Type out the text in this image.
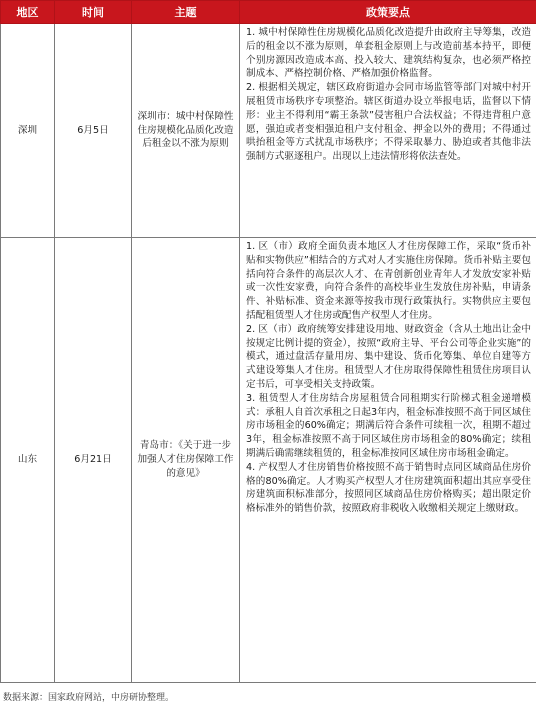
地区	时间	主题	政策要点
深圳	6月5日	深圳市：城中村保障性住房规模化品质化改造后租金以不涨为原则	1. 城中村保障性住房规模化品质化改造提升由政府主导筹集，改造后的租金以不涨为原则，单套租金原则上与改造前基本持平，即便个别房源因改造成本高、投入较大、建筑结构复杂，也必须严格控制成本、严格控制价格、严格加强价格监督。

2. 根据相关规定，辖区政府街道办会同市场监管等部门对城中村开展租赁市场秩序专项整治。辖区街道办设立举报电话，监督以下情形：业主不得利用“霸王条款”侵害租户合法权益；不得违背租户意愿，强迫或者变相强迫租户支付租金、押金以外的费用；不得通过哄抬租金等方式扰乱市场秩序；不得采取暴力、胁迫或者其他非法强制方式驱逐租户。出现以上违法情形将依法查处。

山东	6月21日	青岛市：《关于进一步加强人才住房保障工作的意见》	1. 区（市）政府全面负责本地区人才住房保障工作，采取“货币补贴和实物供应”相结合的方式对人才实施住房保障。货币补贴主要包括向符合条件的高层次人才、在青创新创业青年人才发放安家补贴或一次性安家费，向符合条件的高校毕业生发放住房补贴，申请条件、补贴标准、资金来源等按我市现行政策执行。实物供应主要包括配租赁型人才住房或配售产权型人才住房。

2. 区（市）政府统筹安排建设用地、财政资金（含从土地出让金中按规定比例计提的资金），按照“政府主导、平台公司等企业实施”的模式，通过盘活存量用房、集中建设、货币化筹集、单位自建等方式建设筹集人才住房。租赁型人才住房取得保障性租赁住房项目认定书后，可享受相关支持政策。

3. 租赁型人才住房结合房屋租赁合同租期实行阶梯式租金递增模式：承租人自首次承租之日起3年内，租金标准按照不高于同区域住房市场租金的60%确定；期满后符合条件可续租一次，租期不超过3年，租金标准按照不高于同区域住房市场租金的80%确定；续租期满后确需继续租赁的，租金标准按同区域住房市场租金确定。

4. 产权型人才住房销售价格按照不高于销售时点同区域商品住房价格的80%确定。人才购买产权型人才住房建筑面积超出其应享受住房建筑面积标准部分，按照同区域商品住房价格购买；超出限定价格标准外的销售价款，按照政府非税收入收缴相关规定上缴财政。

数据来源：国家政府网站，中房研协整理。
